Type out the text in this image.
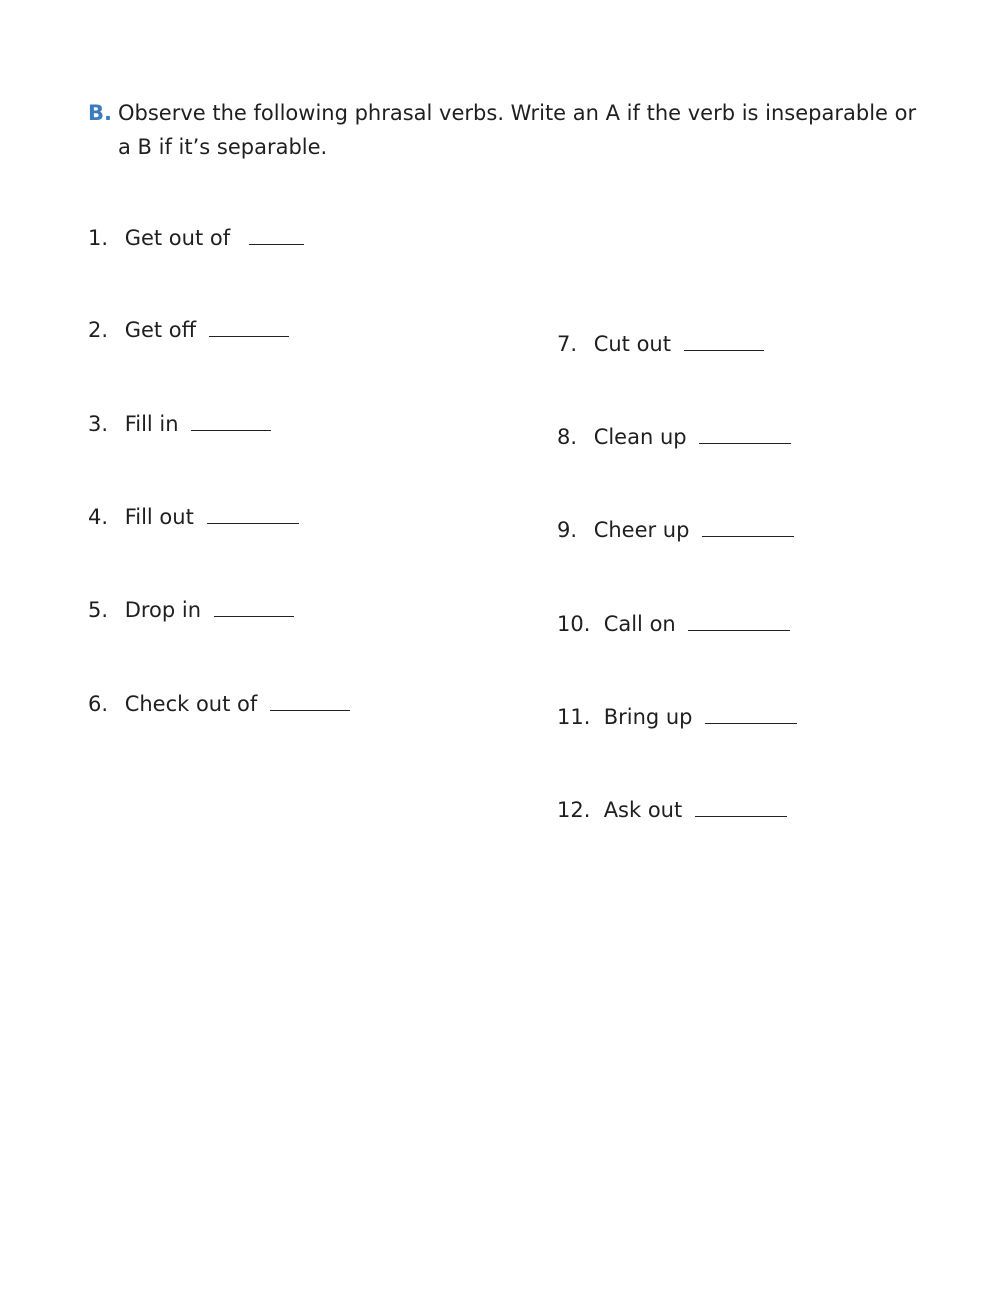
B. Observe the following phrasal verbs. Write an A if the verb is inseparable or a B if it’s separable.
1. Get out of
2. Get off
3. Fill in
4. Fill out
5. Drop in
6. Check out of
7. Cut out
8. Clean up
9. Cheer up
10. Call on
11. Bring up
12. Ask out
